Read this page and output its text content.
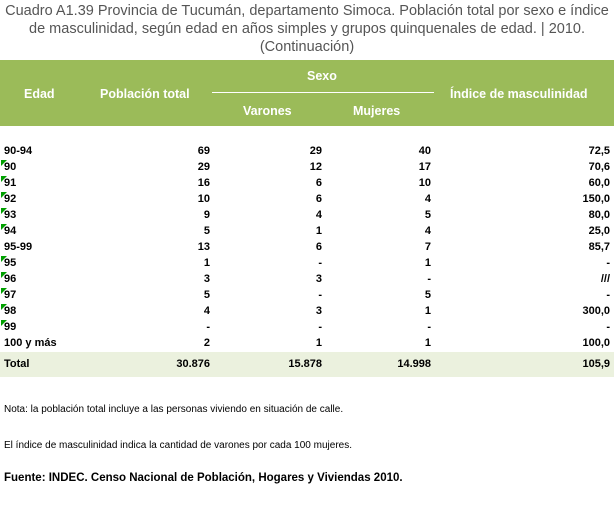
Cuadro A1.39 Provincia de Tucumán, departamento Simoca. Población total por sexo e índice
de masculinidad, según edad en años simples y grupos quinquenales de edad. | 2010.
(Continuación)
Edad	Población total
Sexo
Varones	Mujeres
Índice de masculinidad
90-94	69	29	40	72,5
90	29	12	17	70,6
91	16	6	10	60,0
92	10	6	4	150,0
93	9	4	5	80,0
94	5	1	4	25,0
95-99	13	6	7	85,7
95	1	-	1	-
96	3	3	-	///
97	5	-	5	-
98	4	3	1	300,0
99	-	-	-	-
100 y más	2	1	1	100,0
Total	30.876	15.878	14.998	105,9
Nota: la población total incluye a las personas viviendo en situación de calle.
El índice de masculinidad indica la cantidad de varones por cada 100 mujeres.
Fuente: INDEC. Censo Nacional de Población, Hogares y Viviendas 2010.
